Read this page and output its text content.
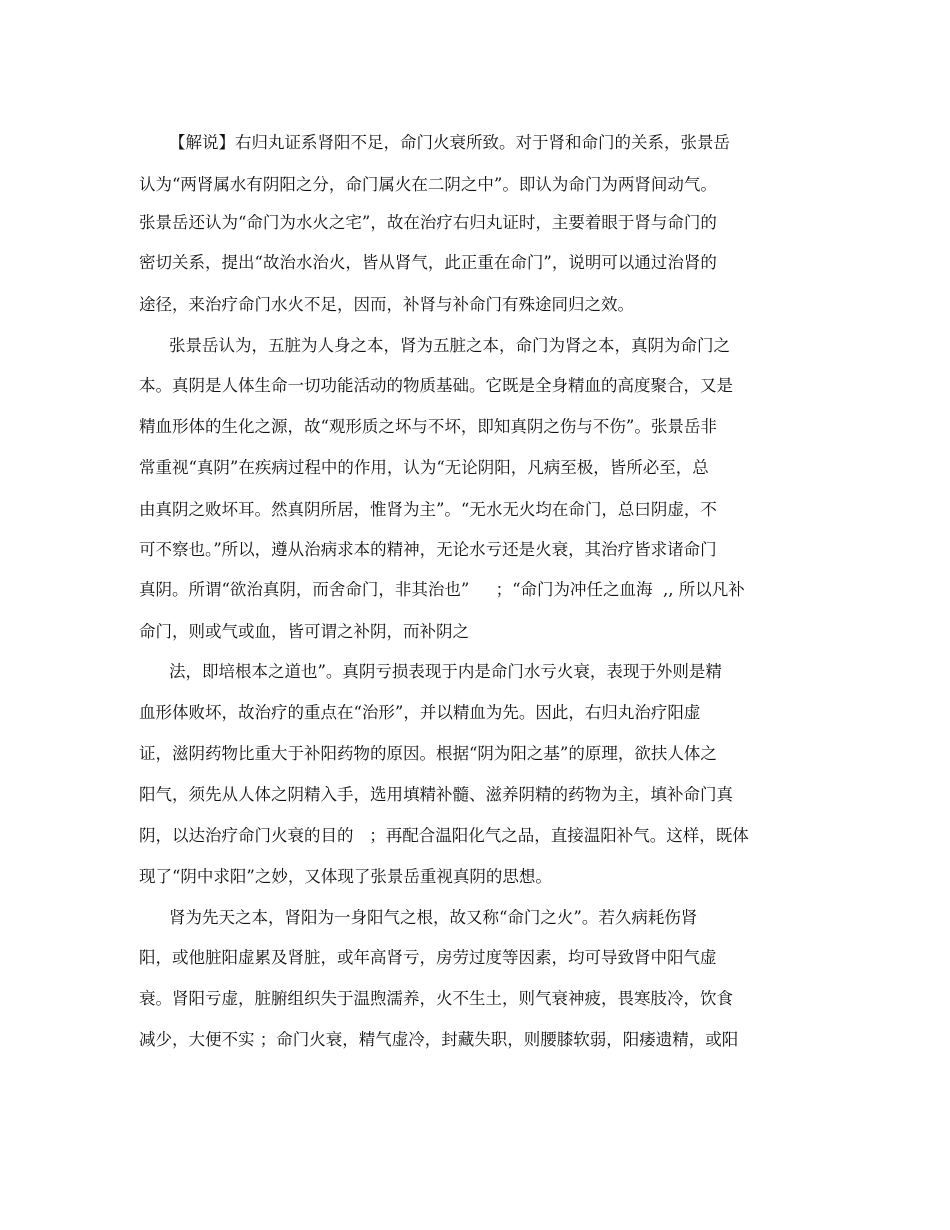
【解说】右归丸证系肾阳不足，命门火衰所致。对于肾和命门的关系，张景岳

认为“两肾属水有阴阳之分，命门属火在二阴之中”。即认为命门为两肾间动气。

张景岳还认为“命门为水火之宅”，故在治疗右归丸证时，主要着眼于肾与命门的

密切关系，提出“故治水治火，皆从肾气，此正重在命门”，说明可以通过治肾的

途径，来治疗命门水火不足，因而，补肾与补命门有殊途同归之效。

张景岳认为，五脏为人身之本，肾为五脏之本，命门为肾之本，真阴为命门之

本。真阴是人体生命一切功能活动的物质基础。它既是全身精血的高度聚合，又是

精血形体的生化之源，故“观形质之坏与不坏，即知真阴之伤与不伤”。张景岳非

常重视“真阴”在疾病过程中的作用，认为“无论阴阳，凡病至极，皆所必至，总

由真阴之败坏耳。然真阴所居，惟肾为主”。“无水无火均在命门，总曰阴虚，不

可不察也。”所以，遵从治病求本的精神，无论水亏还是火衰，其治疗皆求诸命门

真阴。所谓“欲治真阴，而舍命门，非其治也”     ；“命门为冲任之血海  ,, 所以凡补

命门，则或气或血，皆可谓之补阴，而补阴之

法，即培根本之道也”。真阴亏损表现于内是命门水亏火衰，表现于外则是精

血形体败坏，故治疗的重点在“治形”，并以精血为先。因此，右归丸治疗阳虚

证，滋阴药物比重大于补阳药物的原因。根据“阴为阳之基”的原理，欲扶人体之

阳气，须先从人体之阴精入手，选用填精补髓、滋养阴精的药物为主，填补命门真

阴，以达治疗命门火衰的目的   ；再配合温阳化气之品，直接温阳补气。这样，既体

现了“阴中求阳”之妙，又体现了张景岳重视真阴的思想。

肾为先天之本，肾阳为一身阳气之根，故又称“命门之火”。若久病耗伤肾

阳，或他脏阳虚累及肾脏，或年高肾亏，房劳过度等因素，均可导致肾中阳气虚

衰。肾阳亏虚，脏腑组织失于温煦濡养，火不生土，则气衰神疲，畏寒肢冷，饮食

减少，大便不实 ；命门火衰，精气虚冷，封藏失职，则腰膝软弱，阳痿遗精，或阳
